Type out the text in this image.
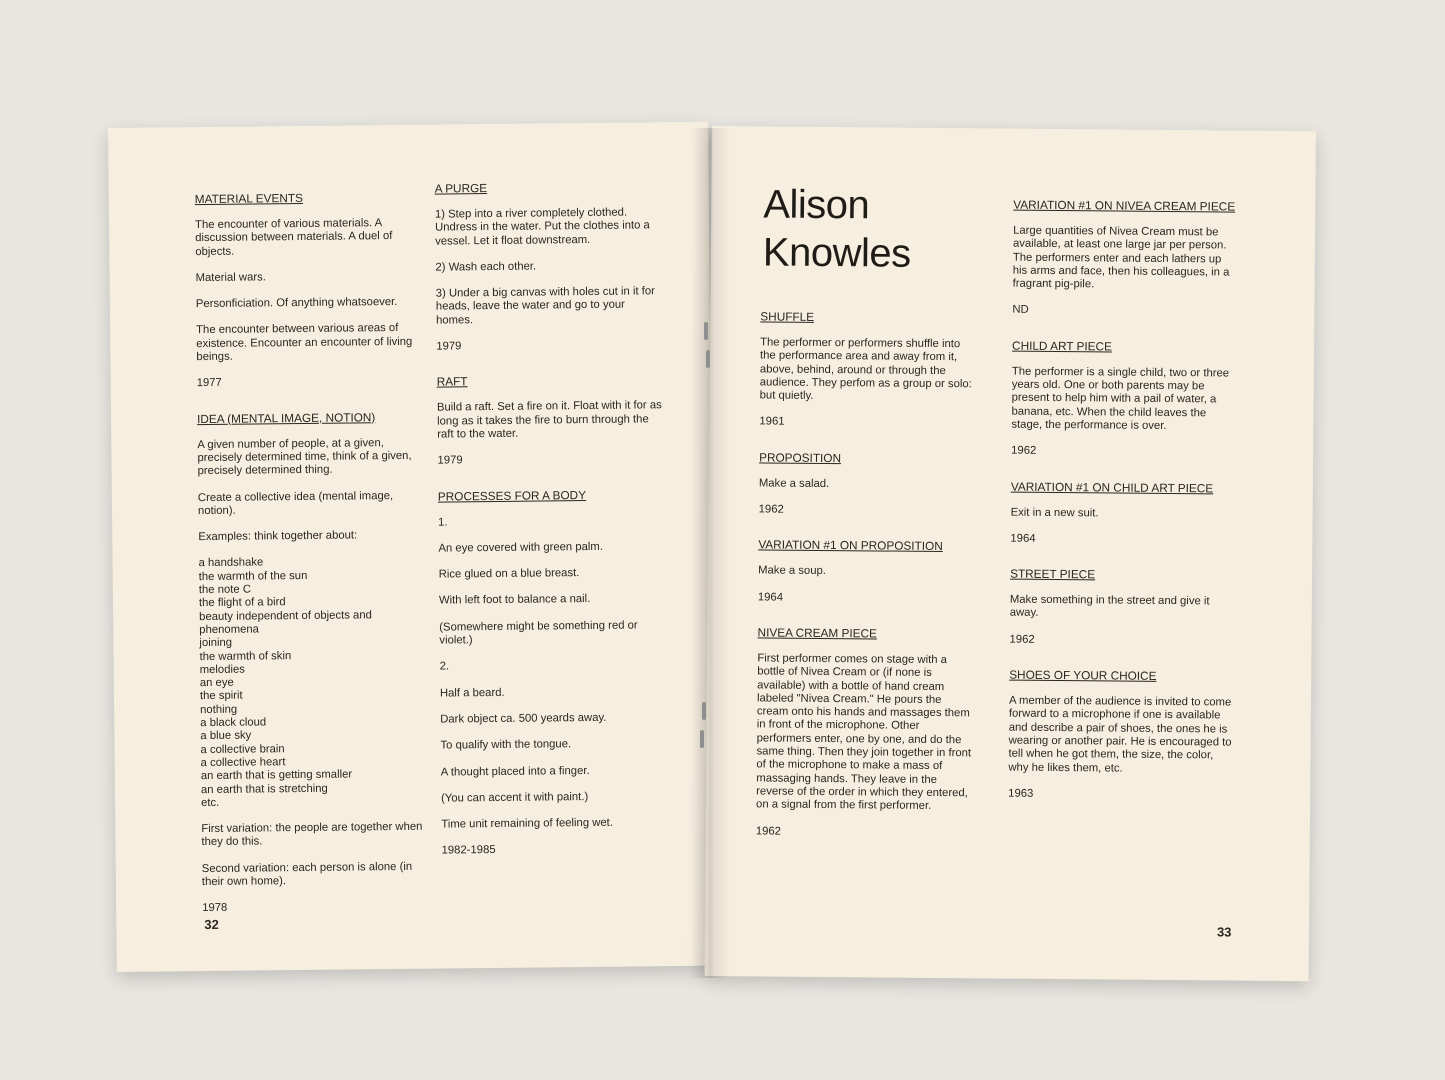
MATERIAL EVENTS

The encounter of various materials. A discussion between materials. A duel of objects.

Material wars.

Personficiation. Of anything whatsoever.

The encounter between various areas of existence. Encounter an encounter of living beings.

1977

IDEA (MENTAL IMAGE, NOTION)

A given number of people, at a given, precisely determined time, think of a given, precisely determined thing.

Create a collective idea (mental image, notion).

Examples: think together about:

a handshake
the warmth of the sun
the note C
the flight of a bird
beauty independent of objects and phenomena
joining
the warmth of skin
melodies
an eye
the spirit
nothing
a black cloud
a blue sky
a collective brain
a collective heart
an earth that is getting smaller
an earth that is stretching
etc.

First variation: the people are together when they do this.

Second variation: each person is alone (in their own home).

1978

A PURGE

1) Step into a river completely clothed. Undress in the water. Put the clothes into a vessel. Let it float downstream.

2) Wash each other.

3) Under a big canvas with holes cut in it for heads, leave the water and go to your homes.

1979

RAFT

Build a raft. Set a fire on it. Float with it for as long as it takes the fire to burn through the raft to the water.

1979

PROCESSES FOR A BODY

1.

An eye covered with green palm.

Rice glued on a blue breast.

With left foot to balance a nail.

(Somewhere might be something red or violet.)

2.

Half a beard.

Dark object ca. 500 yeards away.

To qualify with the tongue.

A thought placed into a finger.

(You can accent it with paint.)

Time unit remaining of feeling wet.

1982-1985

32
Alison
Knowles
SHUFFLE

The performer or performers shuffle into the performance area and away from it, above, behind, around or through the audience. They perfom as a group or solo: but quietly.

1961

PROPOSITION

Make a salad.

1962

VARIATION #1 ON PROPOSITION

Make a soup.

1964

NIVEA CREAM PIECE

First performer comes on stage with a bottle of Nivea Cream or (if none is available) with a bottle of hand cream labeled "Nivea Cream." He pours the cream onto his hands and massages them in front of the microphone. Other performers enter, one by one, and do the same thing. Then they join together in front of the microphone to make a mass of massaging hands. They leave in the reverse of the order in which they entered, on a signal from the first performer.

1962

VARIATION #1 ON NIVEA CREAM PIECE

Large quantities of Nivea Cream must be available, at least one large jar per person. The performers enter and each lathers up his arms and face, then his colleagues, in a fragrant pig-pile.

ND

CHILD ART PIECE

The performer is a single child, two or three years old. One or both parents may be present to help him with a pail of water, a banana, etc. When the child leaves the stage, the performance is over.

1962

VARIATION #1 ON CHILD ART PIECE

Exit in a new suit.

1964

STREET PIECE

Make something in the street and give it away.

1962

SHOES OF YOUR CHOICE

A member of the audience is invited to come forward to a microphone if one is available and describe a pair of shoes, the ones he is wearing or another pair. He is encouraged to tell when he got them, the size, the color, why he likes them, etc.

1963

33
